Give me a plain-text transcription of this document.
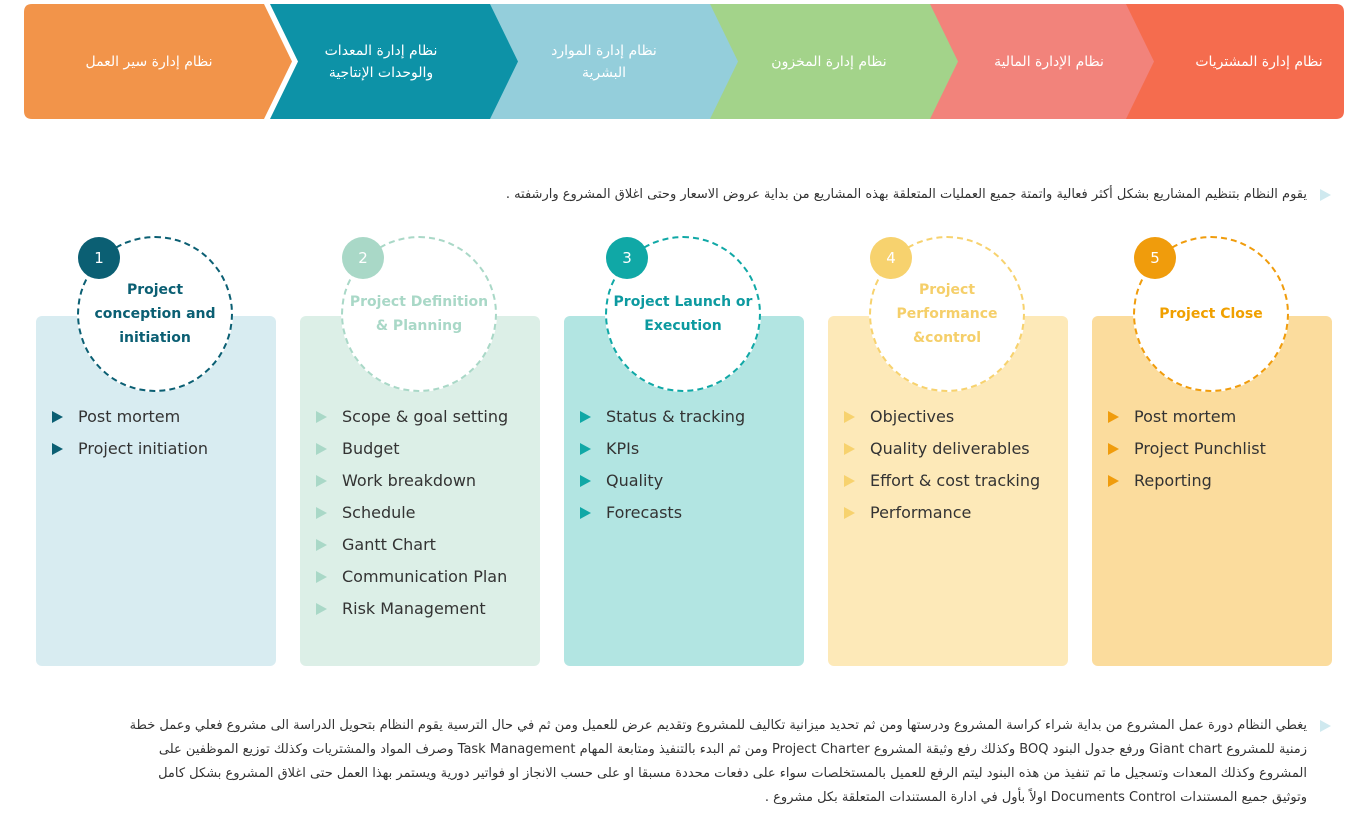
نظام إدارة سير العمل
نظام إدارة المعدات والوحدات الإنتاجية
نظام إدارة الموارد البشرية
نظام إدارة المخزون	نظام الإدارة المالية	نظام إدارة المشتريات
يقوم النظام بتنظيم المشاريع بشكل أكثر فعالية واتمتة جميع العمليات المتعلقة بهذه المشاريع من بداية عروض الاسعار وحتى اغلاق المشروع وارشفته .
Project conception and initiation
1
Post mortem
Project initiation
Project Definition & Planning
2
Scope & goal setting
Budget
Work breakdown
Schedule
Gantt Chart
Communication Plan
Risk Management
Project Launch or Execution
3
Status & tracking
KPIs
Quality
Forecasts
Project Performance &control
4
Objectives
Quality deliverables
Effort & cost tracking
Performance
Project Close
5
Post mortem
Project Punchlist
Reporting
يغطي النظام دورة عمل المشروع من بداية شراء كراسة المشروع ودرستها ومن ثم تحديد ميزانية تكاليف للمشروع وتقديم عرض للعميل ومن ثم في حال الترسية يقوم النظام بتحويل الدراسة الى مشروع فعلي وعمل خطة
زمنية للمشروع Giant chart ورفع جدول البنود BOQ وكذلك رفع وثيقة المشروع Project Charter ومن ثم البدء بالتنفيذ ومتابعة المهام Task Management وصرف المواد والمشتريات وكذلك توزيع الموظفين على
المشروع وكذلك المعدات وتسجيل ما تم تنفيذ من هذه البنود ليتم الرفع للعميل بالمستخلصات سواء على دفعات محددة مسبقا او على حسب الانجاز او فواتير دورية ويستمر بهذا العمل حتى اغلاق المشروع بشكل كامل
وتوثيق جميع المستندات Documents Control اولاً بأول في ادارة المستندات المتعلقة بكل مشروع .
